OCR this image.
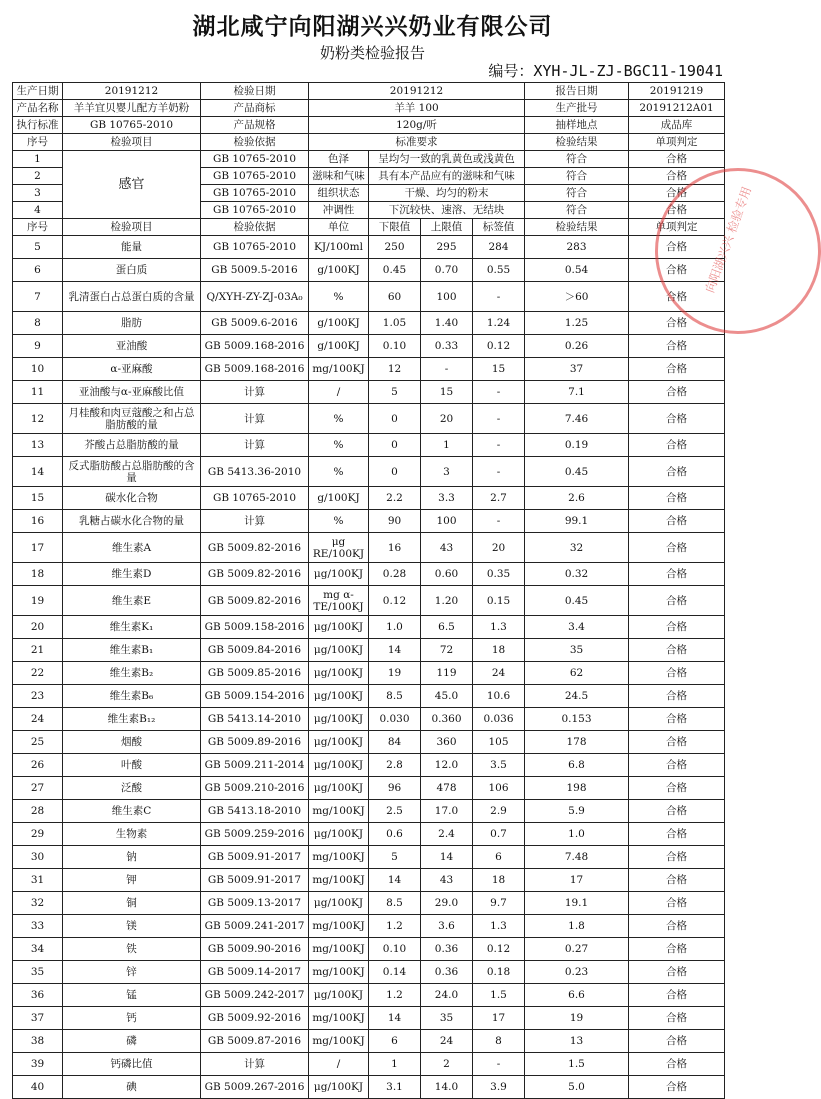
湖北咸宁向阳湖兴兴奶业有限公司
奶粉类检验报告
编号：XYH-JL-ZJ-BGC11-19041
生产日期	20191212	检验日期	20191212				报告日期	20191219
产品名称	羊羊宜贝婴儿配方羊奶粉	产品商标	羊羊 100				生产批号	20191212A01
执行标准	GB 10765-2010	产品规格	120g/听				抽样地点	成品库
序号	检验项目	检验依据	标准要求				检验结果	单项判定
1	感官	GB 10765-2010	色泽	呈均匀一致的乳黄色或浅黄色			符合	合格
2		GB 10765-2010	滋味和气味	具有本产品应有的滋味和气味			符合	合格
3		GB 10765-2010	组织状态	干燥、均匀的粉末			符合	合格
4		GB 10765-2010	冲调性	下沉较快、速溶、无结块			符合	合格
序号	检验项目	检验依据	单位	下限值	上限值	标签值	检验结果	单项判定
5	能量	GB 10765-2010	KJ/100ml	250	295	284	283	合格
6	蛋白质	GB 5009.5-2016	g/100KJ	0.45	0.70	0.55	0.54	合格
7	乳清蛋白占总蛋白质的含量	Q/XYH-ZY-ZJ-03A₀	%	60	100	-	＞60	合格
8	脂肪	GB 5009.6-2016	g/100KJ	1.05	1.40	1.24	1.25	合格
9	亚油酸	GB 5009.168-2016	g/100KJ	0.10	0.33	0.12	0.26	合格
10	α-亚麻酸	GB 5009.168-2016	mg/100KJ	12	-	15	37	合格
11	亚油酸与α-亚麻酸比值	计算	/	5	15	-	7.1	合格
12	月桂酸和肉豆蔻酸之和占总脂肪酸的量	计算	%	0	20	-	7.46	合格
13	芥酸占总脂肪酸的量	计算	%	0	1	-	0.19	合格
14	反式脂肪酸占总脂肪酸的含量	GB 5413.36-2010	%	0	3	-	0.45	合格
15	碳水化合物	GB 10765-2010	g/100KJ	2.2	3.3	2.7	2.6	合格
16	乳糖占碳水化合物的量	计算	%	90	100	-	99.1	合格
17	维生素A	GB 5009.82-2016	μg RE/100KJ	16	43	20	32	合格
18	维生素D	GB 5009.82-2016	μg/100KJ	0.28	0.60	0.35	0.32	合格
19	维生素E	GB 5009.82-2016	mg α-TE/100KJ	0.12	1.20	0.15	0.45	合格
20	维生素K₁	GB 5009.158-2016	μg/100KJ	1.0	6.5	1.3	3.4	合格
21	维生素B₁	GB 5009.84-2016	μg/100KJ	14	72	18	35	合格
22	维生素B₂	GB 5009.85-2016	μg/100KJ	19	119	24	62	合格
23	维生素B₆	GB 5009.154-2016	μg/100KJ	8.5	45.0	10.6	24.5	合格
24	维生素B₁₂	GB 5413.14-2010	μg/100KJ	0.030	0.360	0.036	0.153	合格
25	烟酸	GB 5009.89-2016	μg/100KJ	84	360	105	178	合格
26	叶酸	GB 5009.211-2014	μg/100KJ	2.8	12.0	3.5	6.8	合格
27	泛酸	GB 5009.210-2016	μg/100KJ	96	478	106	198	合格
28	维生素C	GB 5413.18-2010	mg/100KJ	2.5	17.0	2.9	5.9	合格
29	生物素	GB 5009.259-2016	μg/100KJ	0.6	2.4	0.7	1.0	合格
30	钠	GB 5009.91-2017	mg/100KJ	5	14	6	7.48	合格
31	钾	GB 5009.91-2017	mg/100KJ	14	43	18	17	合格
32	铜	GB 5009.13-2017	μg/100KJ	8.5	29.0	9.7	19.1	合格
33	镁	GB 5009.241-2017	mg/100KJ	1.2	3.6	1.3	1.8	合格
34	铁	GB 5009.90-2016	mg/100KJ	0.10	0.36	0.12	0.27	合格
35	锌	GB 5009.14-2017	mg/100KJ	0.14	0.36	0.18	0.23	合格
36	锰	GB 5009.242-2017	μg/100KJ	1.2	24.0	1.5	6.6	合格
37	钙	GB 5009.92-2016	mg/100KJ	14	35	17	19	合格
38	磷	GB 5009.87-2016	mg/100KJ	6	24	8	13	合格
39	钙磷比值	计算	/	1	2	-	1.5	合格
40	碘	GB 5009.267-2016	μg/100KJ	3.1	14.0	3.9	5.0	合格
向阳湖兴兴 检验专用
